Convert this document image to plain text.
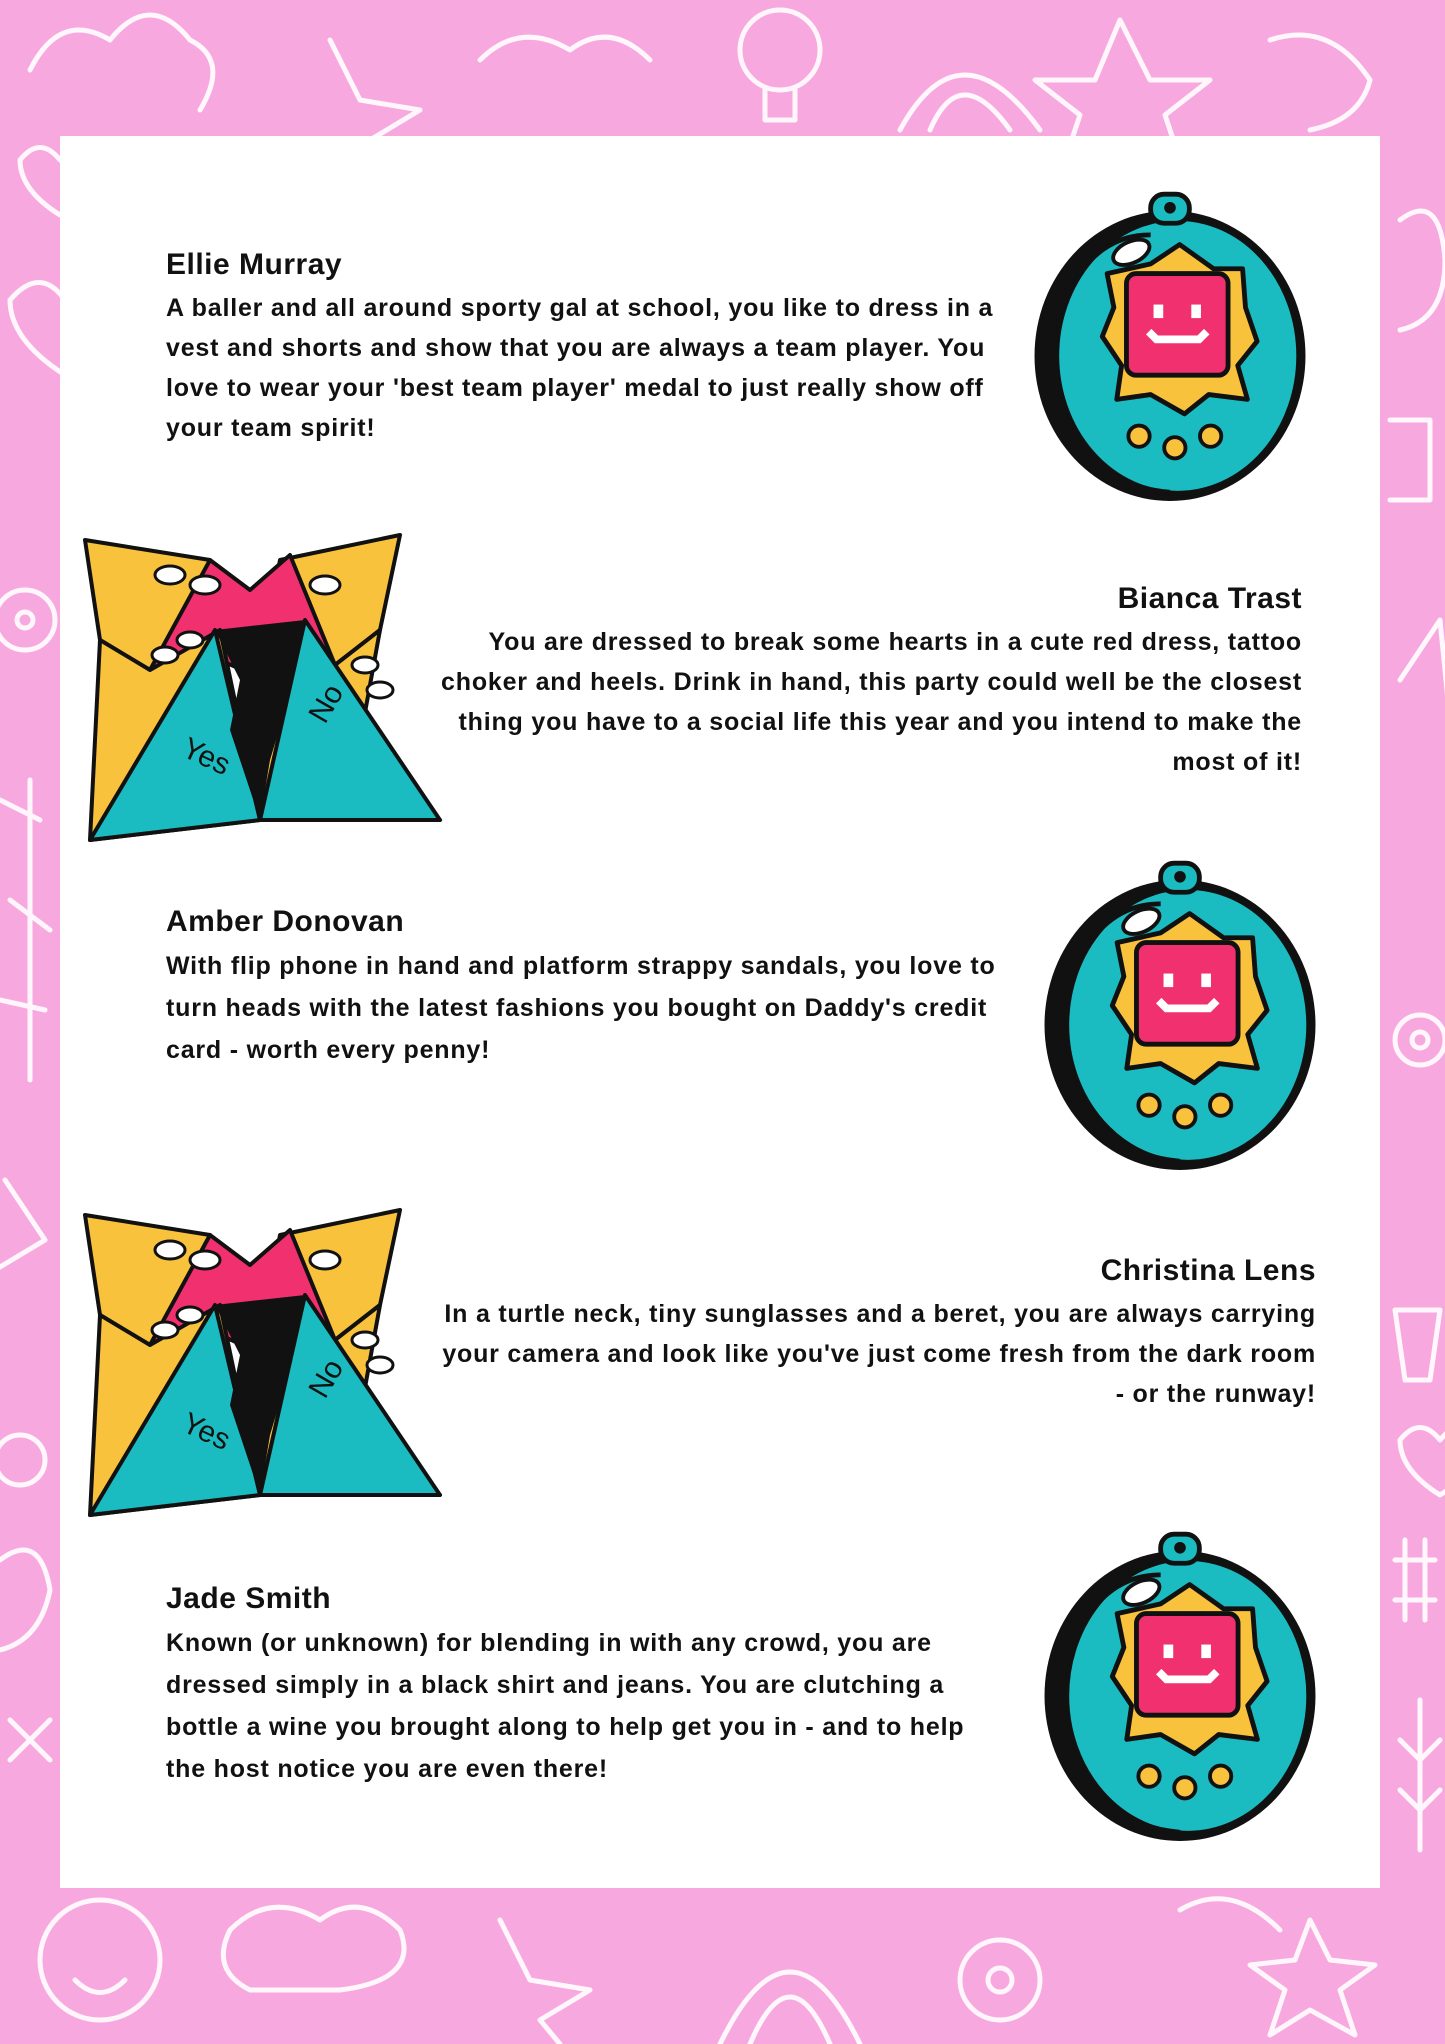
Ellie Murray

A baller and all around sporty gal at school, you like to dress in a vest and shorts and show that you are always a team player. You love to wear your 'best team player' medal to just really show off your team spirit!

Yes
No
Bianca Trast

You are dressed to break some hearts in a cute red dress, tattoo choker and heels. Drink in hand, this party could well be the closest thing you have to a social life this year and you intend to make the most of it!

Amber Donovan

With flip phone in hand and platform strappy sandals, you love to turn heads with the latest fashions you bought on Daddy's credit card - worth every penny!

Yes
No
Christina Lens

In a turtle neck, tiny sunglasses and a beret, you are always carrying your camera and look like you've just come fresh from the dark room - or the runway!

Jade Smith

Known (or unknown) for blending in with any crowd, you are dressed simply in a black shirt and jeans. You are clutching a bottle a wine you brought along to help get you in - and to help the host notice you are even there!
